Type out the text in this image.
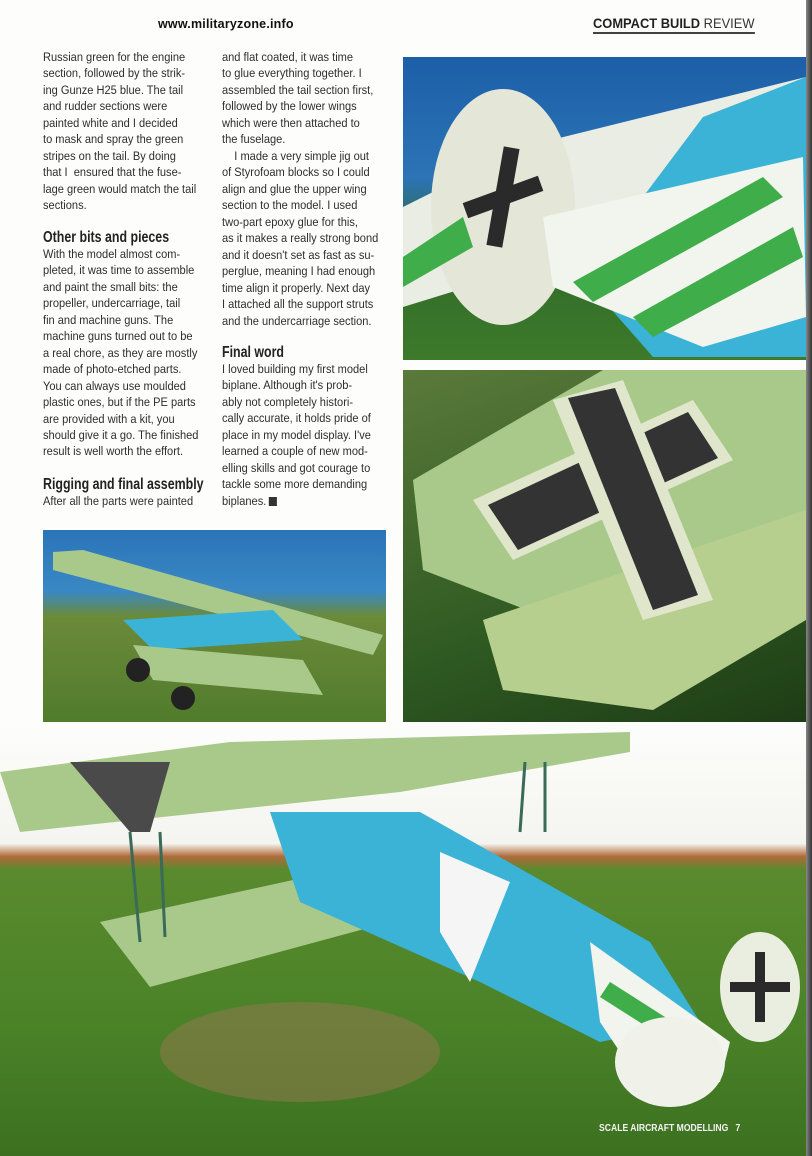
www.militaryzone.info	COMPACT BUILD REVIEW
Russian green for the engine
section, followed by the strik-
ing Gunze H25 blue. The tail
and rudder sections were
painted white and I decided
to mask and spray the green
stripes on the tail. By doing
that I  ensured that the fuse-
lage green would match the tail
sections.
Other bits and pieces
With the model almost com-
pleted, it was time to assemble
and paint the small bits: the
propeller, undercarriage, tail
fin and machine guns. The
machine guns turned out to be
a real chore, as they are mostly
made of photo-etched parts.
You can always use moulded
plastic ones, but if the PE parts
are provided with a kit, you
should give it a go. The finished
result is well worth the effort.
Rigging and final assembly
After all the parts were painted
and flat coated, it was time
to glue everything together. I
assembled the tail section first,
followed by the lower wings
which were then attached to
the fuselage.
I made a very simple jig out
of Styrofoam blocks so I could
align and glue the upper wing
section to the model. I used
two-part epoxy glue for this,
as it makes a really strong bond
and it doesn't set as fast as su-
perglue, meaning I had enough
time align it properly. Next day
I attached all the support struts
and the undercarriage section.
Final word
I loved building my first model
biplane. Although it's prob-
ably not completely histori-
cally accurate, it holds pride of
place in my model display. I've
learned a couple of new mod-
elling skills and got courage to
tackle some more demanding
biplanes.
SCALE AIRCRAFT MODELLING 7
